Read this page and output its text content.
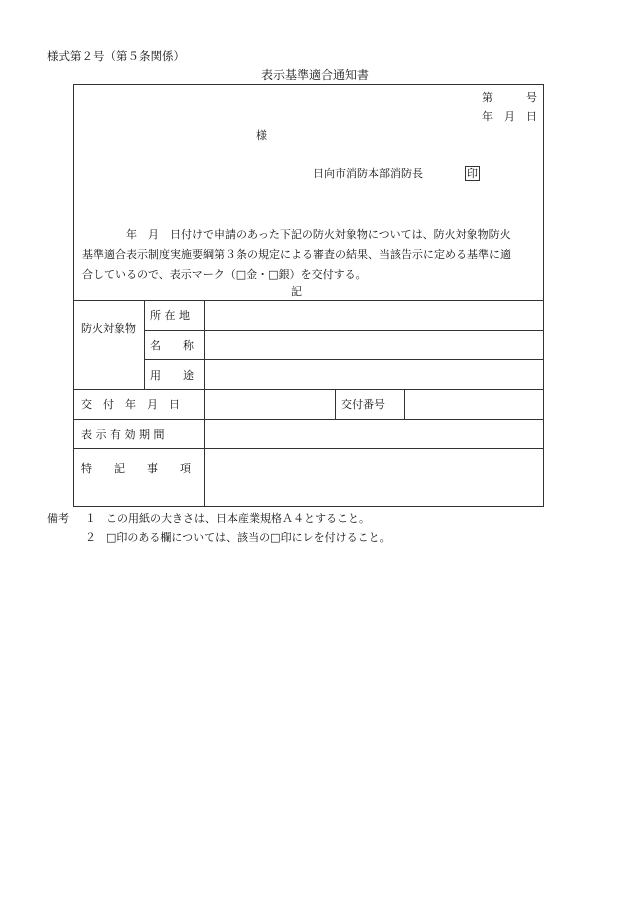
様式第２号（第５条関係）
表示基準適合通知書
第　　　号
年　月　日
様
日向市消防本部消防長	印

　　　　年　月　日付けで申請のあった下記の防火対象物については、防火対象物防火

基準適合表示制度実施要綱第３条の規定による審査の結果、当該告示に定める基準に適

合しているので、表示マーク（□金・□銀）を交付する。

記
防火対象物
所 在 地
名　　称
用　　途
交　付　年　月　日	交付番号
表 示 有 効 期 間
特　　記　　事　　項
備考 １ この用紙の大きさは、日本産業規格Ａ４とすること。
２ □印のある欄については、該当の□印にレを付けること。
